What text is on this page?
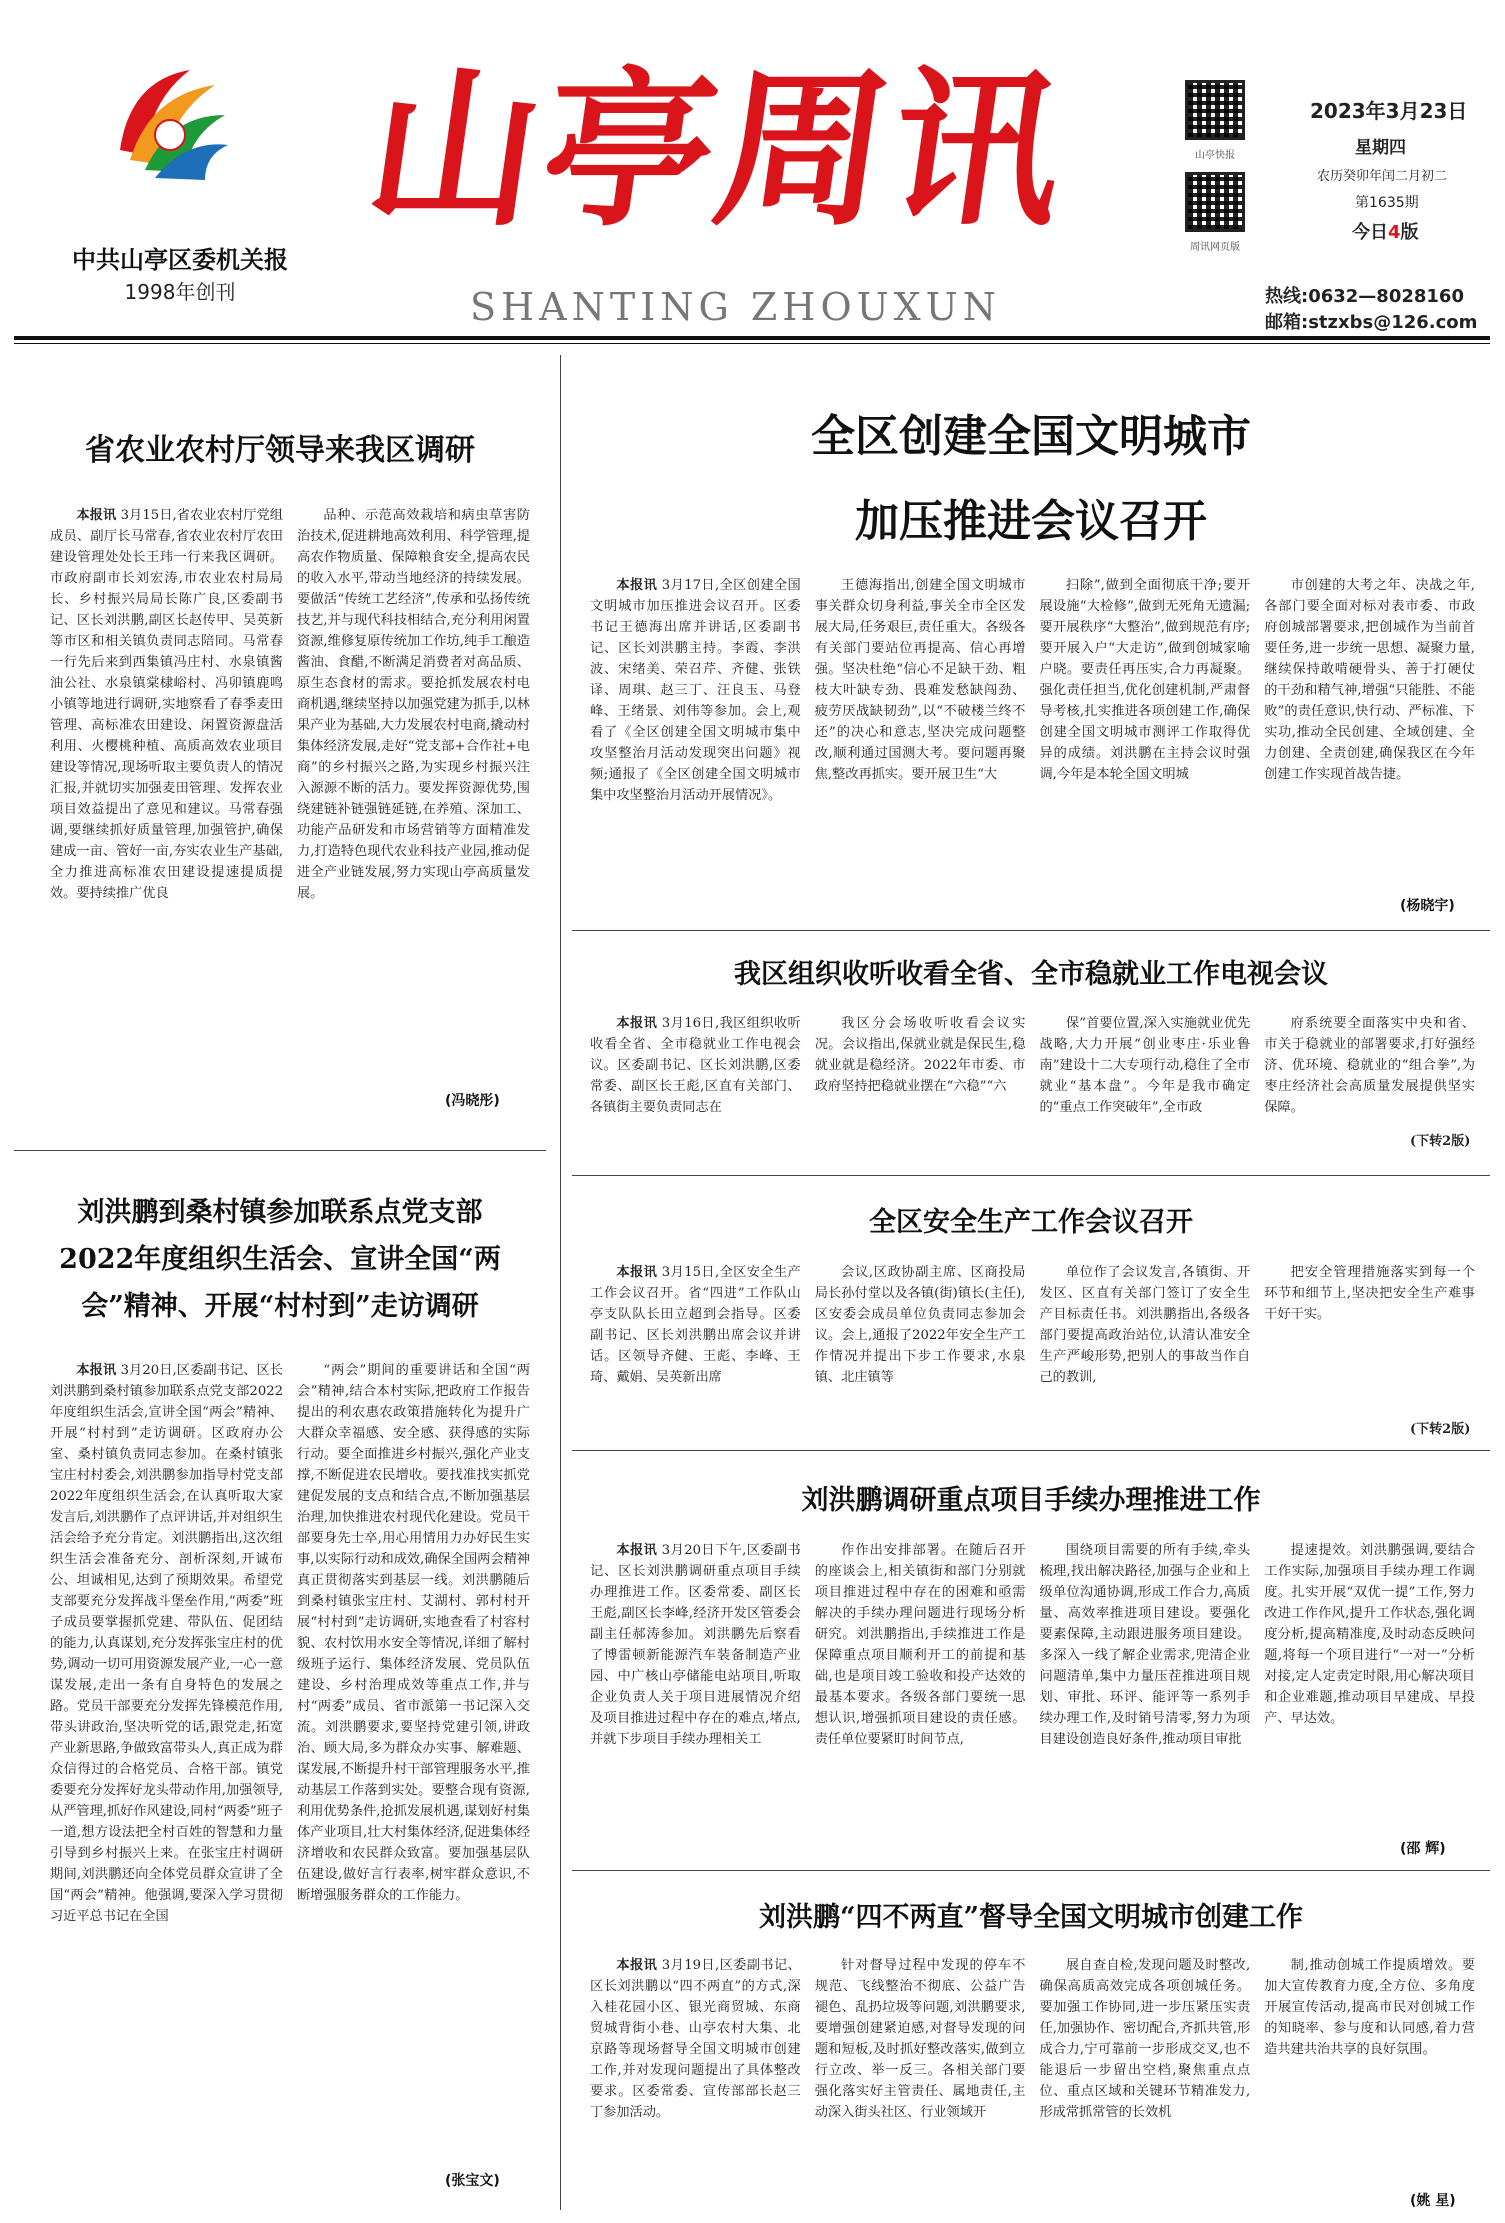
中共山亭区委机关报
1998年创刊
山亭周讯
SHANTING ZHOUXUN
山亭快报
周讯网页版
2023年3月23日
星期四
农历癸卯年闰二月初二
第1635期
今日4版
热线:0632—8028160
邮箱:stzxbs@126.com
省农业农村厅领导来我区调研

本报讯 3月15日,省农业农村厅党组成员、副厅长马常春,省农业农村厅农田建设管理处处长王玮一行来我区调研。市政府副市长刘宏涛,市农业农村局局长、乡村振兴局局长陈广良,区委副书记、区长刘洪鹏,副区长赵传甲、吴英新等市区和相关镇负责同志陪同。马常春一行先后来到西集镇冯庄村、水泉镇酱油公社、水泉镇棠棣峪村、冯卯镇鹿鸣小镇等地进行调研,实地察看了春季麦田管理、高标准农田建设、闲置资源盘活利用、火樱桃种植、高质高效农业项目建设等情况,现场听取主要负责人的情况汇报,并就切实加强麦田管理、发挥农业项目效益提出了意见和建议。马常春强调,要继续抓好质量管理,加强管护,确保建成一亩、管好一亩,夯实农业生产基础,全力推进高标准农田建设提速提质提效。要持续推广优良

品种、示范高效栽培和病虫草害防治技术,促进耕地高效利用、科学管理,提高农作物质量、保障粮食安全,提高农民的收入水平,带动当地经济的持续发展。要做活“传统工艺经济”,传承和弘扬传统技艺,并与现代科技相结合,充分利用闲置资源,维修复原传统加工作坊,纯手工酿造酱油、食醋,不断满足消费者对高品质、原生态食材的需求。要抢抓发展农村电商机遇,继续坚持以加强党建为抓手,以林果产业为基础,大力发展农村电商,撬动村集体经济发展,走好“党支部+合作社+电商”的乡村振兴之路,为实现乡村振兴注入源源不断的活力。要发挥资源优势,围绕建链补链强链延链,在养殖、深加工、功能产品研发和市场营销等方面精准发力,打造特色现代农业科技产业园,推动促进全产业链发展,努力实现山亭高质量发展。

(冯晓彤)
全区创建全国文明城市
加压推进会议召开

本报讯 3月17日,全区创建全国文明城市加压推进会议召开。区委书记王德海出席并讲话,区委副书记、区长刘洪鹏主持。李霞、李洪波、宋绪美、荣召芹、齐健、张铁译、周琪、赵三丁、汪良玉、马登峰、王绪景、刘伟等参加。会上,观看了《全区创建全国文明城市集中攻坚整治月活动发现突出问题》视频;通报了《全区创建全国文明城市集中攻坚整治月活动开展情况》。

王德海指出,创建全国文明城市事关群众切身利益,事关全市全区发展大局,任务艰巨,责任重大。各级各有关部门要站位再提高、信心再增强。坚决杜绝“信心不足缺干劲、粗枝大叶缺专劲、畏难发愁缺闯劲、疲劳厌战缺韧劲”,以“不破楼兰终不还”的决心和意志,坚决完成问题整改,顺利通过国测大考。要问题再聚焦,整改再抓实。要开展卫生“大

扫除”,做到全面彻底干净;要开展设施“大检修”,做到无死角无遗漏;要开展秩序“大整治”,做到规范有序;要开展入户“大走访”,做到创城家喻户晓。要责任再压实,合力再凝聚。强化责任担当,优化创建机制,严肃督导考核,扎实推进各项创建工作,确保创建全国文明城市测评工作取得优异的成绩。刘洪鹏在主持会议时强调,今年是本轮全国文明城

市创建的大考之年、决战之年,各部门要全面对标对表市委、市政府创城部署要求,把创城作为当前首要任务,进一步统一思想、凝聚力量,继续保持敢啃硬骨头、善于打硬仗的干劲和精气神,增强“只能胜、不能败”的责任意识,快行动、严标准、下实功,推动全民创建、全域创建、全力创建、全责创建,确保我区在今年创建工作实现首战告捷。

(杨晓宇)
我区组织收听收看全省、全市稳就业工作电视会议

本报讯 3月16日,我区组织收听收看全省、全市稳就业工作电视会议。区委副书记、区长刘洪鹏,区委常委、副区长王彪,区直有关部门、各镇街主要负责同志在

我区分会场收听收看会议实况。会议指出,保就业就是保民生,稳就业就是稳经济。2022年市委、市政府坚持把稳就业摆在“六稳”“六

保”首要位置,深入实施就业优先战略,大力开展“创业枣庄·乐业鲁南”建设十二大专项行动,稳住了全市就业“基本盘”。今年是我市确定的“重点工作突破年”,全市政

府系统要全面落实中央和省、市关于稳就业的部署要求,打好强经济、优环境、稳就业的“组合拳”,为枣庄经济社会高质量发展提供坚实保障。

(下转2版)
刘洪鹏到桑村镇参加联系点党支部
2022年度组织生活会、宣讲全国“两
会”精神、开展“村村到”走访调研

本报讯 3月20日,区委副书记、区长刘洪鹏到桑村镇参加联系点党支部2022年度组织生活会,宣讲全国“两会”精神、开展“村村到”走访调研。区政府办公室、桑村镇负责同志参加。在桑村镇张宝庄村村委会,刘洪鹏参加指导村党支部2022年度组织生活会,在认真听取大家发言后,刘洪鹏作了点评讲话,并对组织生活会给予充分肯定。刘洪鹏指出,这次组织生活会准备充分、剖析深刻,开诚布公、坦诚相见,达到了预期效果。希望党支部要充分发挥战斗堡垒作用,“两委”班子成员要掌握抓党建、带队伍、促团结的能力,认真谋划,充分发挥张宝庄村的优势,调动一切可用资源发展产业,一心一意谋发展,走出一条有自身特色的发展之路。党员干部要充分发挥先锋模范作用,带头讲政治,坚决听党的话,跟党走,拓宽产业新思路,争做致富带头人,真正成为群众信得过的合格党员、合格干部。镇党委要充分发挥好龙头带动作用,加强领导,从严管理,抓好作风建设,同村“两委”班子一道,想方设法把全村百姓的智慧和力量引导到乡村振兴上来。在张宝庄村调研期间,刘洪鹏还向全体党员群众宣讲了全国“两会”精神。他强调,要深入学习贯彻习近平总书记在全国

“两会”期间的重要讲话和全国“两会”精神,结合本村实际,把政府工作报告提出的利农惠农政策措施转化为提升广大群众幸福感、安全感、获得感的实际行动。要全面推进乡村振兴,强化产业支撑,不断促进农民增收。要找准找实抓党建促发展的支点和结合点,不断加强基层治理,加快推进农村现代化建设。党员干部要身先士卒,用心用情用力办好民生实事,以实际行动和成效,确保全国两会精神真正贯彻落实到基层一线。刘洪鹏随后到桑村镇张宝庄村、艾湖村、郭村村开展“村村到”走访调研,实地查看了村容村貌、农村饮用水安全等情况,详细了解村级班子运行、集体经济发展、党员队伍建设、乡村治理成效等重点工作,并与村“两委”成员、省市派第一书记深入交流。刘洪鹏要求,要坚持党建引领,讲政治、顾大局,多为群众办实事、解难题、谋发展,不断提升村干部管理服务水平,推动基层工作落到实处。要整合现有资源,利用优势条件,抢抓发展机遇,谋划好村集体产业项目,壮大村集体经济,促进集体经济增收和农民群众致富。要加强基层队伍建设,做好言行表率,树牢群众意识,不断增强服务群众的工作能力。

(张宝文)
全区安全生产工作会议召开

本报讯 3月15日,全区安全生产工作会议召开。省“四进”工作队山亭支队队长田立超到会指导。区委副书记、区长刘洪鹏出席会议并讲话。区领导齐健、王彪、李峰、王琦、戴娟、吴英新出席

会议,区政协副主席、区商投局局长孙付堂以及各镇(街)镇长(主任),区安委会成员单位负责同志参加会议。会上,通报了2022年安全生产工作情况并提出下步工作要求,水泉镇、北庄镇等

单位作了会议发言,各镇街、开发区、区直有关部门签订了安全生产目标责任书。刘洪鹏指出,各级各部门要提高政治站位,认清认准安全生产严峻形势,把别人的事故当作自己的教训,

把安全管理措施落实到每一个环节和细节上,坚决把安全生产难事干好干实。

(下转2版)
刘洪鹏调研重点项目手续办理推进工作

本报讯 3月20日下午,区委副书记、区长刘洪鹏调研重点项目手续办理推进工作。区委常委、副区长王彪,副区长李峰,经济开发区管委会副主任郝涛参加。刘洪鹏先后察看了博雷顿新能源汽车装备制造产业园、中广核山亭储能电站项目,听取企业负责人关于项目进展情况介绍及项目推进过程中存在的难点,堵点,并就下步项目手续办理相关工

作作出安排部署。在随后召开的座谈会上,相关镇街和部门分别就项目推进过程中存在的困难和亟需解决的手续办理问题进行现场分析研究。刘洪鹏指出,手续推进工作是保障重点项目顺利开工的前提和基础,也是项目竣工验收和投产达效的最基本要求。各级各部门要统一思想认识,增强抓项目建设的责任感。责任单位要紧盯时间节点,

围绕项目需要的所有手续,牵头梳理,找出解决路径,加强与企业和上级单位沟通协调,形成工作合力,高质量、高效率推进项目建设。要强化要素保障,主动跟进服务项目建设。多深入一线了解企业需求,兜清企业问题清单,集中力量压茬推进项目规划、审批、环评、能评等一系列手续办理工作,及时销号清零,努力为项目建设创造良好条件,推动项目审批

提速提效。刘洪鹏强调,要结合工作实际,加强项目手续办理工作调度。扎实开展“双优一提”工作,努力改进工作作风,提升工作状态,强化调度分析,提高精准度,及时动态反映问题,将每一个项目进行“一对一”分析对接,定人定责定时限,用心解决项目和企业难题,推动项目早建成、早投产、早达效。

(邵 辉)
刘洪鹏“四不两直”督导全国文明城市创建工作

本报讯 3月19日,区委副书记、区长刘洪鹏以“四不两直”的方式,深入桂花园小区、银光商贸城、东商贸城背街小巷、山亭农村大集、北京路等现场督导全国文明城市创建工作,并对发现问题提出了具体整改要求。区委常委、宣传部部长赵三丁参加活动。

针对督导过程中发现的停车不规范、飞线整治不彻底、公益广告褪色、乱扔垃圾等问题,刘洪鹏要求,要增强创建紧迫感,对督导发现的问题和短板,及时抓好整改落实,做到立行立改、举一反三。各相关部门要强化落实好主管责任、属地责任,主动深入街头社区、行业领域开

展自查自检,发现问题及时整改,确保高质高效完成各项创城任务。要加强工作协同,进一步压紧压实责任,加强协作、密切配合,齐抓共管,形成合力,宁可靠前一步形成交叉,也不能退后一步留出空档,聚焦重点点位、重点区域和关键环节精准发力,形成常抓常管的长效机

制,推动创城工作提质增效。要加大宣传教育力度,全方位、多角度开展宣传活动,提高市民对创城工作的知晓率、参与度和认同感,着力营造共建共治共享的良好氛围。

(姚 星)
